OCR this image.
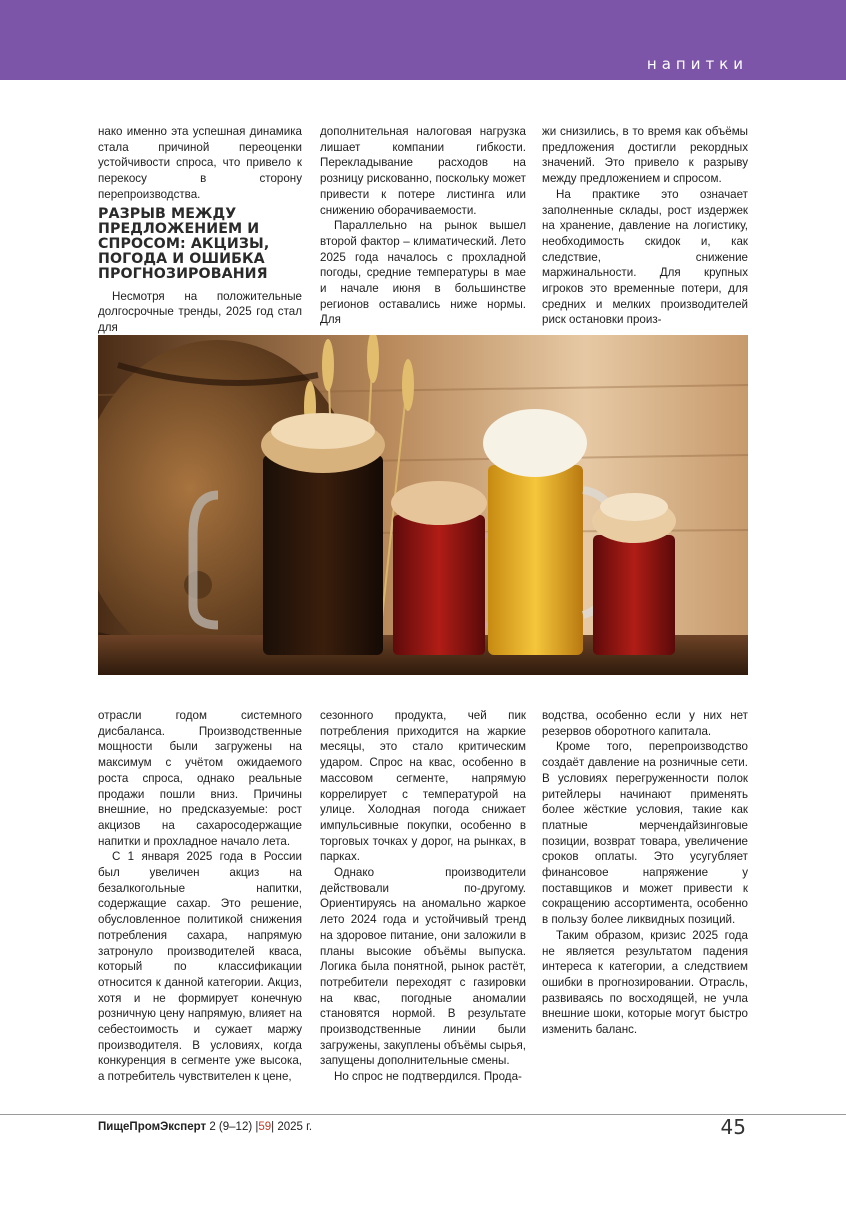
напитки

нако именно эта успешная динамика стала причиной переоценки устойчивости спроса, что привело к перекосу в сторону перепроизводства.

РАЗРЫВ МЕЖДУ ПРЕДЛОЖЕНИЕМ И СПРОСОМ: АКЦИЗЫ, ПОГОДА И ОШИБКА ПРОГНОЗИРОВАНИЯ

Несмотря на положительные долгосрочные тренды, 2025 год стал для

дополнительная налоговая нагрузка лишает компании гибкости. Перекладывание расходов на розницу рискованно, поскольку может привести к потере листинга или снижению оборачиваемости.

Параллельно на рынок вышел второй фактор – климатический. Лето 2025 года началось с прохладной погоды, средние температуры в мае и начале июня в большинстве регионов оставались ниже нормы. Для

жи снизились, в то время как объёмы предложения достигли рекордных значений. Это привело к разрыву между предложением и спросом.

На практике это означает заполненные склады, рост издержек на хранение, давление на логистику, необходимость скидок и, как следствие, снижение маржинальности. Для крупных игроков это временные потери, для средних и мелких производителей риск остановки произ-

отрасли годом системного дисбаланса. Производственные мощности были загружены на максимум с учётом ожидаемого роста спроса, однако реальные продажи пошли вниз. Причины внешние, но предсказуемые: рост акцизов на сахаросодержащие напитки и прохладное начало лета.

С 1 января 2025 года в России был увеличен акциз на безалкогольные напитки, содержащие сахар. Это решение, обусловленное политикой снижения потребления сахара, напрямую затронуло производителей кваса, который по классификации относится к данной категории. Акциз, хотя и не формирует конечную розничную цену напрямую, влияет на себестоимость и сужает маржу производителя. В условиях, когда конкуренция в сегменте уже высока, а потребитель чувствителен к цене,

сезонного продукта, чей пик потребления приходится на жаркие месяцы, это стало критическим ударом. Спрос на квас, особенно в массовом сегменте, напрямую коррелирует с температурой на улице. Холодная погода снижает импульсивные покупки, особенно в торговых точках у дорог, на рынках, в парках.

Однако производители действовали по-другому. Ориентируясь на аномально жаркое лето 2024 года и устойчивый тренд на здоровое питание, они заложили в планы высокие объёмы выпуска. Логика была понятной, рынок растёт, потребители переходят с газировки на квас, погодные аномалии становятся нормой. В результате производственные линии были загружены, закуплены объёмы сырья, запущены дополнительные смены.

Но спрос не подтвердился. Прода-

водства, особенно если у них нет резервов оборотного капитала.

Кроме того, перепроизводство создаёт давление на розничные сети. В условиях перегруженности полок ритейлеры начинают применять более жёсткие условия, такие как платные мерчендайзинговые позиции, возврат товара, увеличение сроков оплаты. Это усугубляет финансовое напряжение у поставщиков и может привести к сокращению ассортимента, особенно в пользу более ликвидных позиций.

Таким образом, кризис 2025 года не является результатом падения интереса к категории, а следствием ошибки в прогнозировании. Отрасль, развиваясь по восходящей, не учла внешние шоки, которые могут быстро изменить баланс.

ПищеПромЭксперт 2 (9–12) |59| 2025 г.	45
